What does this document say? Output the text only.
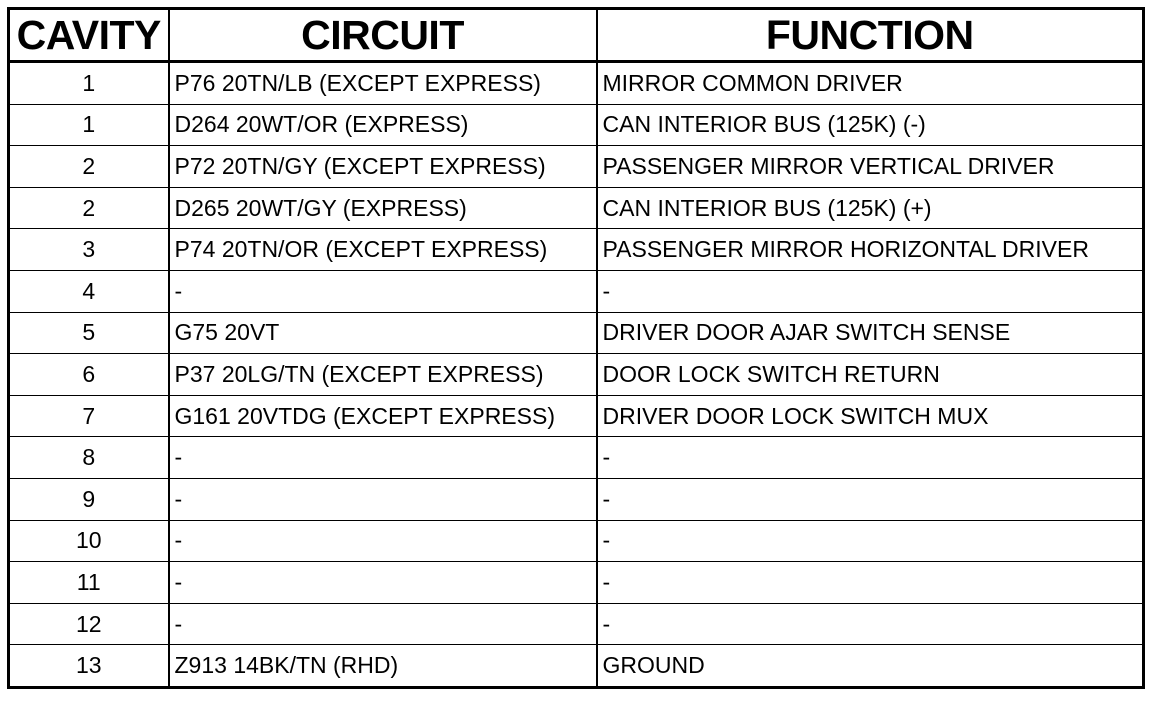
CAVITY	CIRCUIT	FUNCTION
1	P76 20TN/LB (EXCEPT EXPRESS)	MIRROR COMMON DRIVER
1	D264 20WT/OR (EXPRESS)	CAN INTERIOR BUS (125K) (-)
2	P72 20TN/GY (EXCEPT EXPRESS)	PASSENGER MIRROR VERTICAL DRIVER
2	D265 20WT/GY (EXPRESS)	CAN INTERIOR BUS (125K) (+)
3	P74 20TN/OR (EXCEPT EXPRESS)	PASSENGER MIRROR HORIZONTAL DRIVER
4	-	-
5	G75 20VT	DRIVER DOOR AJAR SWITCH SENSE
6	P37 20LG/TN (EXCEPT EXPRESS)	DOOR LOCK SWITCH RETURN
7	G161 20VTDG (EXCEPT EXPRESS)	DRIVER DOOR LOCK SWITCH MUX
8	-	-
9	-	-
10	-	-
11	-	-
12	-	-
13	Z913 14BK/TN (RHD)	GROUND
